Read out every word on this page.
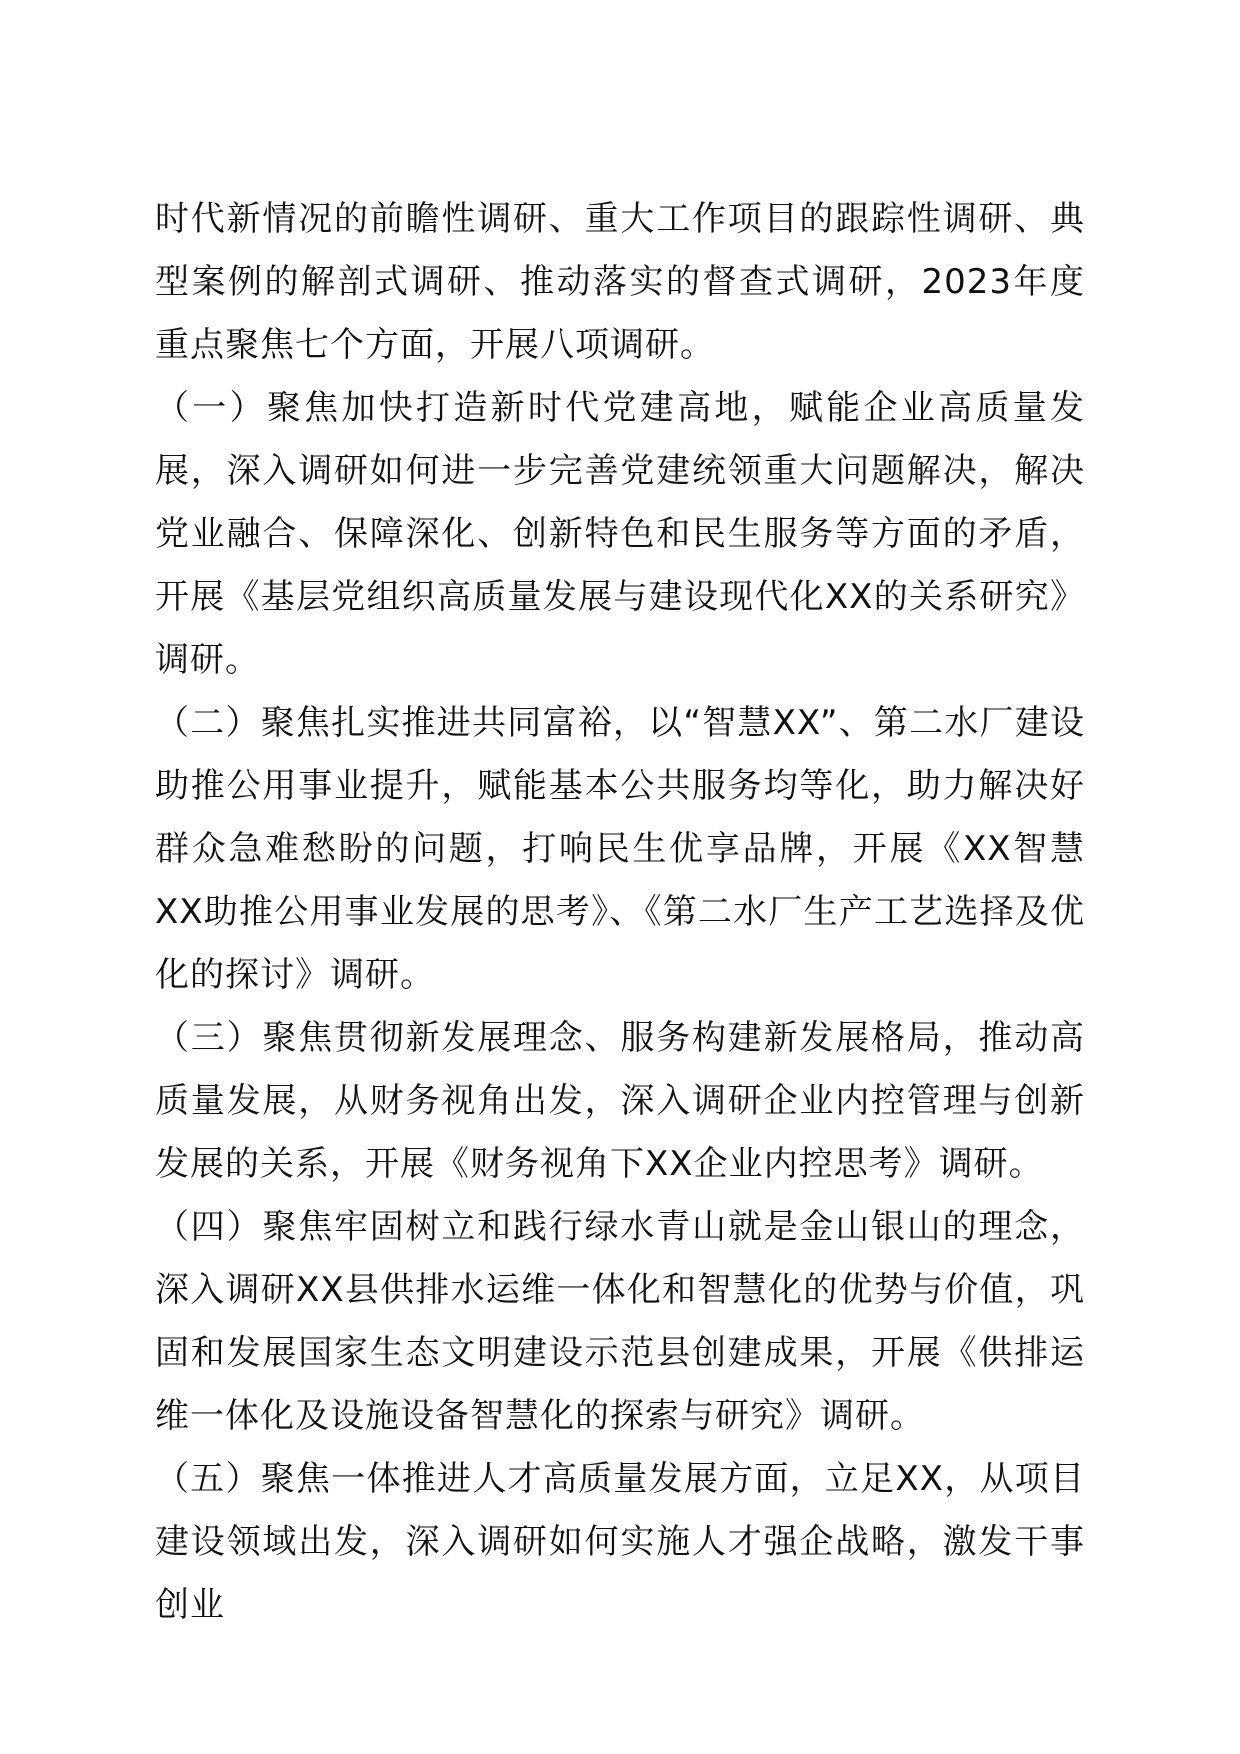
时代新情况的前瞻性调研、重大工作项目的跟踪性调研、典型案例的解剖式调研、推动落实的督查式调研，2023年度重点聚焦七个方面，开展八项调研。

（一）聚焦加快打造新时代党建高地，赋能企业高质量发展，深入调研如何进一步完善党建统领重大问题解决，解决党业融合、保障深化、创新特色和民生服务等方面的矛盾，开展《基层党组织高质量发展与建设现代化XX的关系研究》调研。

（二）聚焦扎实推进共同富裕，以“智慧XX”、第二水厂建设助推公用事业提升，赋能基本公共服务均等化，助力解决好群众急难愁盼的问题，打响民生优享品牌，开展《XX智慧XX助推公用事业发展的思考》、《第二水厂生产工艺选择及优化的探讨》调研。

（三）聚焦贯彻新发展理念、服务构建新发展格局，推动高质量发展，从财务视角出发，深入调研企业内控管理与创新发展的关系，开展《财务视角下XX企业内控思考》调研。

（四）聚焦牢固树立和践行绿水青山就是金山银山的理念，深入调研XX县供排水运维一体化和智慧化的优势与价值，巩固和发展国家生态文明建设示范县创建成果，开展《供排运维一体化及设施设备智慧化的探索与研究》调研。

（五）聚焦一体推进人才高质量发展方面，立足XX，从项目建设领域出发，深入调研如何实施人才强企战略，激发干事创业
